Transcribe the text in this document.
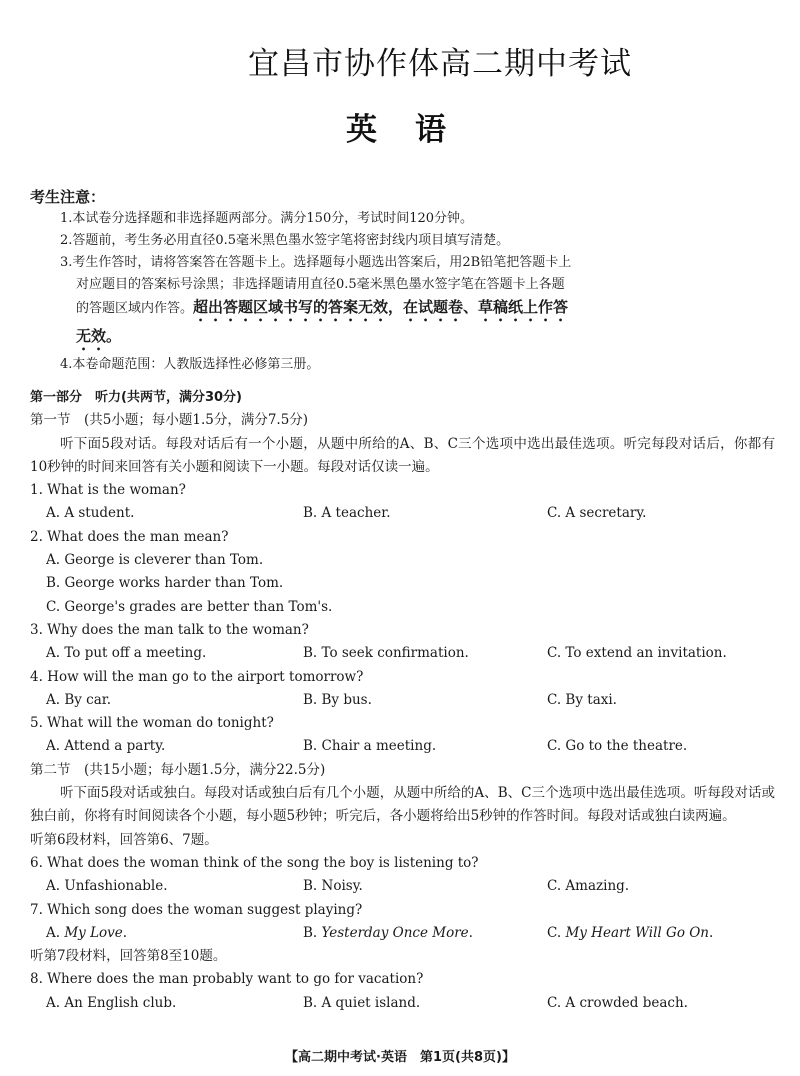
宜昌市协作体高二期中考试
英语
考生注意：

1.本试卷分选择题和非选择题两部分。满分150分，考试时间120分钟。

2.答题前，考生务必用直径0.5毫米黑色墨水签字笔将密封线内项目填写清楚。

3.考生作答时，请将答案答在答题卡上。选择题每小题选出答案后，用2B铅笔把答题卡上

对应题目的答案标号涂黑；非选择题请用直径0.5毫米黑色墨水签字笔在答题卡上各题

的答题区域内作答。超出答题区域书写的答案无效，在试题卷、草稿纸上作答

无效。

4.本卷命题范围：人教版选择性必修第三册。

第一部分　听力(共两节，满分30分)

第一节　(共5小题；每小题1.5分，满分7.5分)

听下面5段对话。每段对话后有一个小题，从题中所给的A、B、C三个选项中选出最佳选项。听完每段对话后，你都有10秒钟的时间来回答有关小题和阅读下一小题。每段对话仅读一遍。

1. What is the woman?

A. A student.	B. A teacher.	C. A secretary.

2. What does the man mean?

A. George is cleverer than Tom.

B. George works harder than Tom.

C. George's grades are better than Tom's.

3. Why does the man talk to the woman?

A. To put off a meeting.	B. To seek confirmation.	C. To extend an invitation.

4. How will the man go to the airport tomorrow?

A. By car.	B. By bus.	C. By taxi.

5. What will the woman do tonight?

A. Attend a party.	B. Chair a meeting.	C. Go to the theatre.

第二节　(共15小题；每小题1.5分，满分22.5分)

听下面5段对话或独白。每段对话或独白后有几个小题，从题中所给的A、B、C三个选项中选出最佳选项。听每段对话或独白前，你将有时间阅读各个小题，每小题5秒钟；听完后，各小题将给出5秒钟的作答时间。每段对话或独白读两遍。

听第6段材料，回答第6、7题。

6. What does the woman think of the song the boy is listening to?

A. Unfashionable.	B. Noisy.	C. Amazing.

7. Which song does the woman suggest playing?

A. My Love.	B. Yesterday Once More.	C. My Heart Will Go On.

听第7段材料，回答第8至10题。

8. Where does the man probably want to go for vacation?

A. An English club.	B. A quiet island.	C. A crowded beach.
【高二期中考试·英语　第1页(共8页)】
